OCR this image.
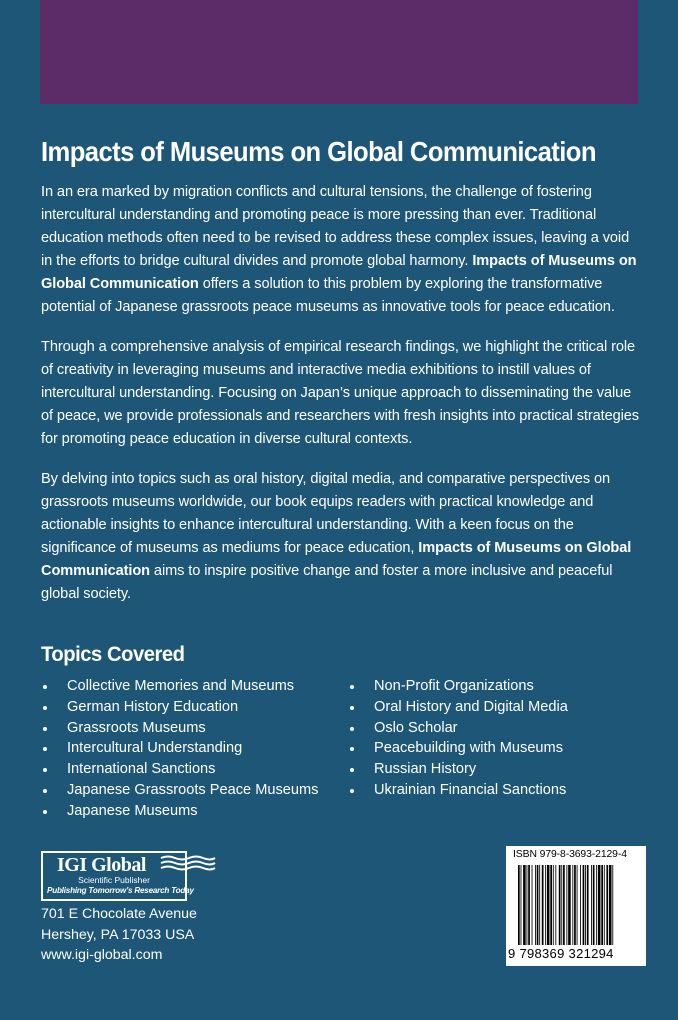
Impacts of Museums on Global Communication

In an era marked by migration conflicts and cultural tensions, the challenge of fostering intercultural understanding and promoting peace is more pressing than ever. Traditional education methods often need to be revised to address these complex issues, leaving a void in the efforts to bridge cultural divides and promote global harmony. Impacts of Museums on Global Communication offers a solution to this problem by exploring the transformative potential of Japanese grassroots peace museums as innovative tools for peace education.

Through a comprehensive analysis of empirical research findings, we highlight the critical role of creativity in leveraging museums and interactive media exhibitions to instill values of intercultural understanding. Focusing on Japan’s unique approach to disseminating the value of peace, we provide professionals and researchers with fresh insights into practical strategies for promoting peace education in diverse cultural contexts.

By delving into topics such as oral history, digital media, and comparative perspectives on grassroots museums worldwide, our book equips readers with practical knowledge and actionable insights to enhance intercultural understanding. With a keen focus on the significance of museums as mediums for peace education, Impacts of Museums on Global Communication aims to inspire positive change and foster a more inclusive and peaceful global society.

Topics Covered
Collective Memories and Museums
German History Education
Grassroots Museums
Intercultural Understanding
International Sanctions
Japanese Grassroots Peace Museums
Japanese Museums
Non-Profit Organizations
Oral History and Digital Media
Oslo Scholar
Peacebuilding with Museums
Russian History
Ukrainian Financial Sanctions
IGI Global
Scientific Publisher
Publishing Tomorrow’s Research Today
701 E Chocolate Avenue
Hershey, PA 17033 USA
www.igi-global.com
ISBN 979-8-3693-2129-4
9 798369 321294
